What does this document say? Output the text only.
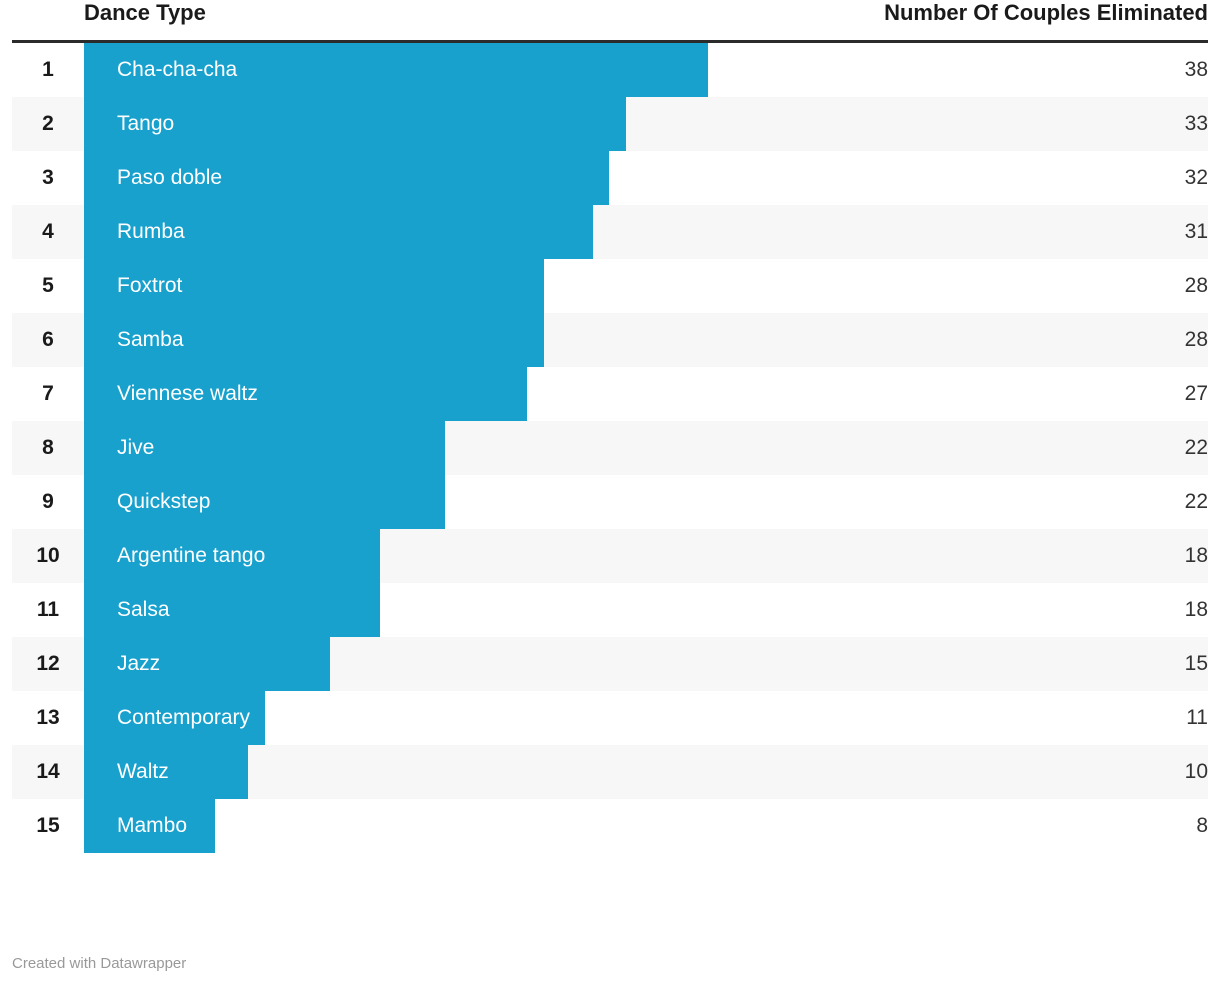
	Dance Type	Number Of Couples Eliminated
1	Cha-cha-cha	38
2	Tango	33
3	Paso doble	32
4	Rumba	31
5	Foxtrot	28
6	Samba	28
7	Viennese waltz	27
8	Jive	22
9	Quickstep	22
10	Argentine tango	18
11	Salsa	18
12	Jazz	15
13	Contemporary	11
14	Waltz	10
15	Mambo	8
Created with Datawrapper
